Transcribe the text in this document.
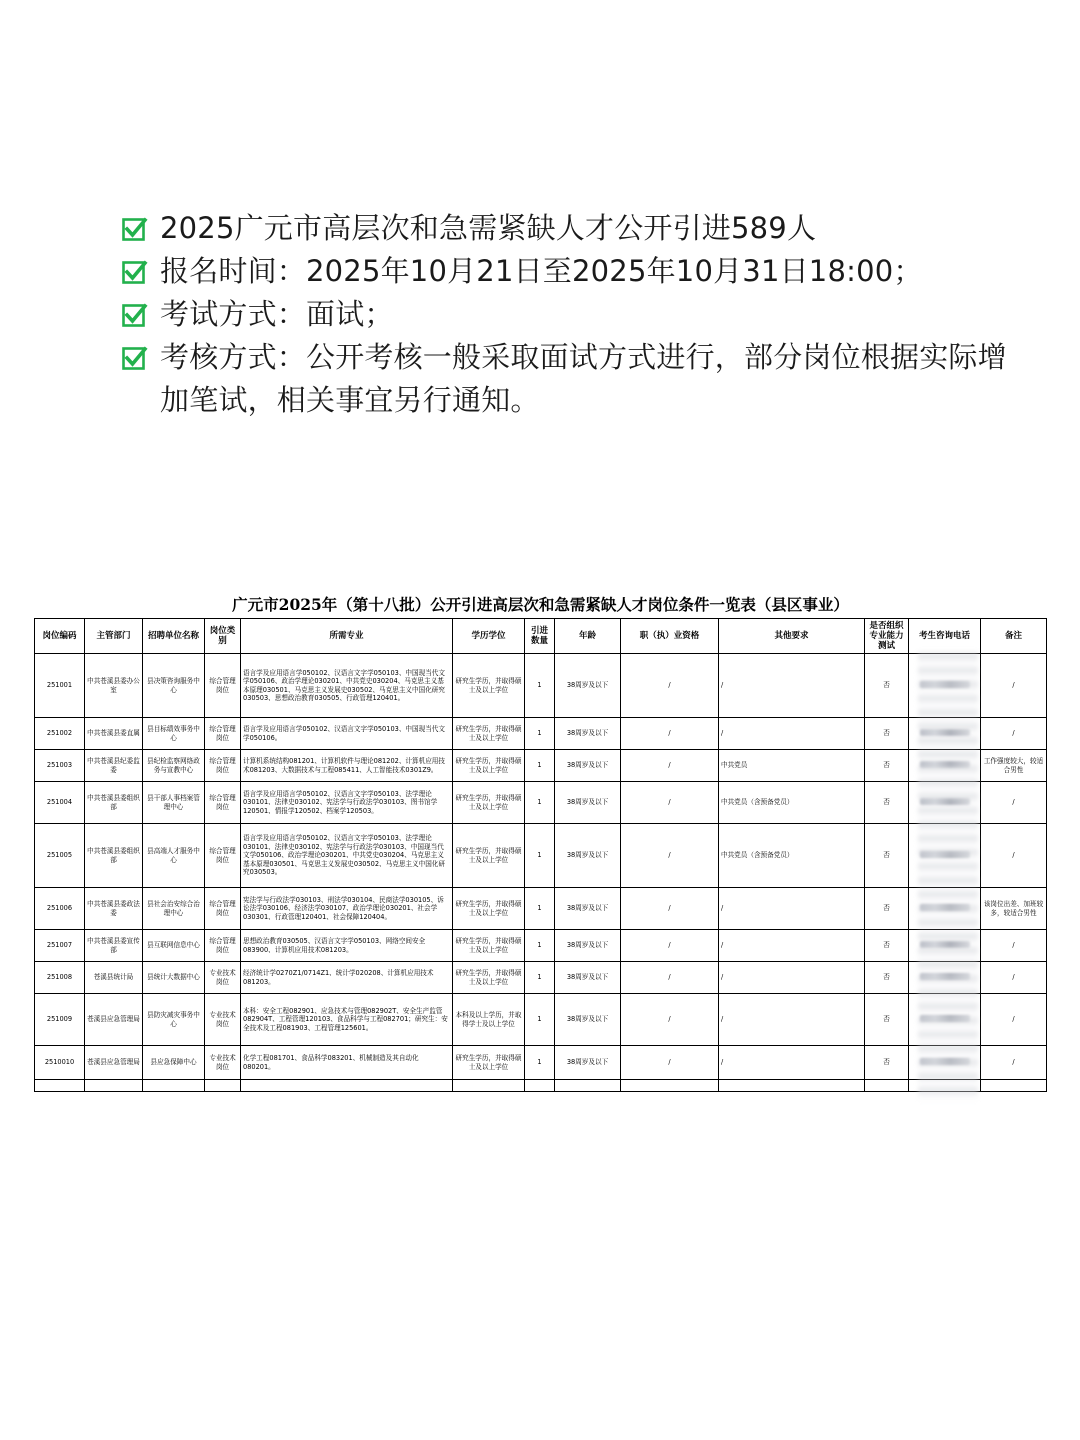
2025广元市高层次和急需紧缺人才公开引进589人
报名时间：2025年10月21日至2025年10月31日18:00；
考试方式：面试；
考核方式：公开考核一般采取面试方式进行，部分岗位根据实际增加笔试，相关事宜另行通知。
广元市2025年（第十八批）公开引进高层次和急需紧缺人才岗位条件一览表（县区事业）
岗位编码	主管部门	招聘单位名称	岗位类别	所需专业	学历学位	引进数量	年龄	职（执）业资格	其他要求	是否组织专业能力测试	考生咨询电话	备注
251001	中共苍溪县委办公室	县决策咨询服务中心	综合管理岗位	语言学及应用语言学050102、汉语言文字学050103、中国现当代文学050106、政治学理论030201、中共党史030204、马克思主义基本原理030501、马克思主义发展史030502、马克思主义中国化研究030503、思想政治教育030505、行政管理120401。	研究生学历，并取得硕士及以上学位	1	38周岁及以下	/	/	否		/
251002	中共苍溪县委直属	县目标绩效事务中心	综合管理岗位	语言学及应用语言学050102、汉语言文字学050103、中国现当代文学050106。	研究生学历，并取得硕士及以上学位	1	38周岁及以下	/	/	否		/
251003	中共苍溪县纪委监委	县纪检监察网络政务与宣教中心	综合管理岗位	计算机系统结构081201、计算机软件与理论081202、计算机应用技术081203、大数据技术与工程085411、人工智能技术0301Z9。	研究生学历，并取得硕士及以上学位	1	38周岁及以下	/	中共党员	否		工作强度较大，较适合男性
251004	中共苍溪县委组织部	县干部人事档案管理中心	综合管理岗位	语言学及应用语言学050102、汉语言文字学050103、法学理论030101、法律史030102、宪法学与行政法学030103、图书馆学120501、情报学120502、档案学120503。	研究生学历，并取得硕士及以上学位	1	38周岁及以下	/	中共党员（含预备党员）	否		/
251005	中共苍溪县委组织部	县高端人才服务中心	综合管理岗位	语言学及应用语言学050102、汉语言文字学050103、法学理论030101、法律史030102、宪法学与行政法学030103、中国现当代文学050106、政治学理论030201、中共党史030204、马克思主义基本原理030501、马克思主义发展史030502、马克思主义中国化研究030503。	研究生学历，并取得硕士及以上学位	1	38周岁及以下	/	中共党员（含预备党员）	否		/
251006	中共苍溪县委政法委	县社会治安综合治理中心	综合管理岗位	宪法学与行政法学030103、刑法学030104、民商法学030105、诉讼法学030106、经济法学030107、政治学理论030201、社会学030301、行政管理120401、社会保障120404。	研究生学历，并取得硕士及以上学位	1	38周岁及以下	/	/	否		该岗位出差、加班较多，较适合男性
251007	中共苍溪县委宣传部	县互联网信息中心	综合管理岗位	思想政治教育030505、汉语言文字学050103、网络空间安全083900、计算机应用技术081203。	研究生学历，并取得硕士及以上学位	1	38周岁及以下	/	/	否		/
251008	苍溪县统计局	县统计大数据中心	专业技术岗位	经济统计学0270Z1/0714Z1、统计学020208、计算机应用技术081203。	研究生学历，并取得硕士及以上学位	1	38周岁及以下	/	/	否		/
251009	苍溪县应急管理局	县防灾减灾事务中心	专业技术岗位	本科：安全工程082901、应急技术与管理082902T、安全生产监管082904T、工程管理120103、食品科学与工程082701；研究生：安全技术及工程081903、工程管理125601。	本科及以上学历，并取得学士及以上学位	1	38周岁及以下	/	/	否		/
2510010	苍溪县应急管理局	县应急保障中心	专业技术岗位	化学工程081701、食品科学083201、机械制造及其自动化080201。	研究生学历，并取得硕士及以上学位	1	38周岁及以下	/	/	否		/
